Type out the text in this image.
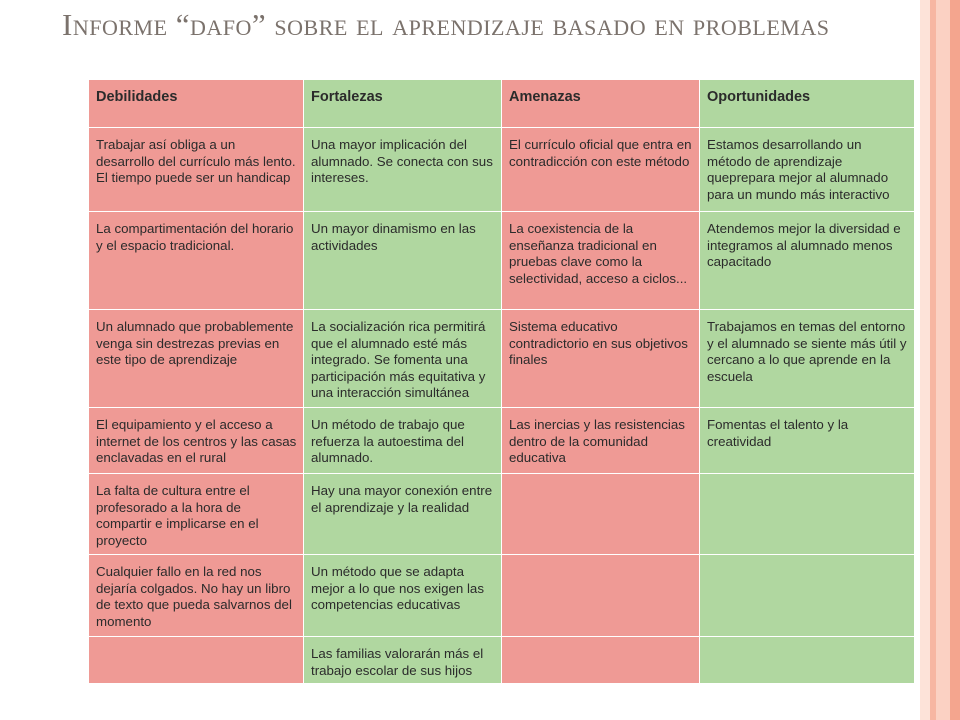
Informe “dafo” sobre el aprendizaje basado en problemas
Debilidades	Fortalezas	Amenazas	Oportunidades
Trabajar así obliga a un desarrollo del currículo más lento. El tiempo puede ser un handicap	Una mayor implicación del alumnado. Se conecta con sus intereses.	El currículo oficial que entra en contradicción con este método	Estamos desarrollando un método de aprendizaje queprepara mejor al alumnado para un mundo más interactivo
La compartimentación del horario y el espacio tradicional.	Un mayor dinamismo en las actividades	La coexistencia de la enseñanza tradicional en pruebas clave como la selectividad, acceso a ciclos...	Atendemos mejor la diversidad e integramos al alumnado menos capacitado
Un alumnado que probablemente venga sin destrezas previas en este tipo de aprendizaje	La socialización rica permitirá que el alumnado esté más integrado. Se fomenta una participación más equitativa y una interacción simultánea	Sistema educativo contradictorio en sus objetivos finales	Trabajamos en temas del entorno y el alumnado se siente más útil y cercano a lo que aprende en la escuela
El equipamiento y el acceso a internet de los centros y las casas enclavadas en el rural	Un método de trabajo que refuerza la autoestima del alumnado.	Las inercias y las resistencias dentro de la comunidad educativa	Fomentas el talento y la creatividad
La falta de cultura entre el profesorado a la hora de compartir e implicarse en el proyecto	Hay una mayor conexión entre el aprendizaje y la realidad		
Cualquier fallo en la red nos dejaría colgados. No hay un libro de texto que pueda salvarnos del momento	Un método que se adapta mejor a lo que nos exigen las competencias educativas		
	Las familias valorarán más el trabajo escolar de sus hijos		
